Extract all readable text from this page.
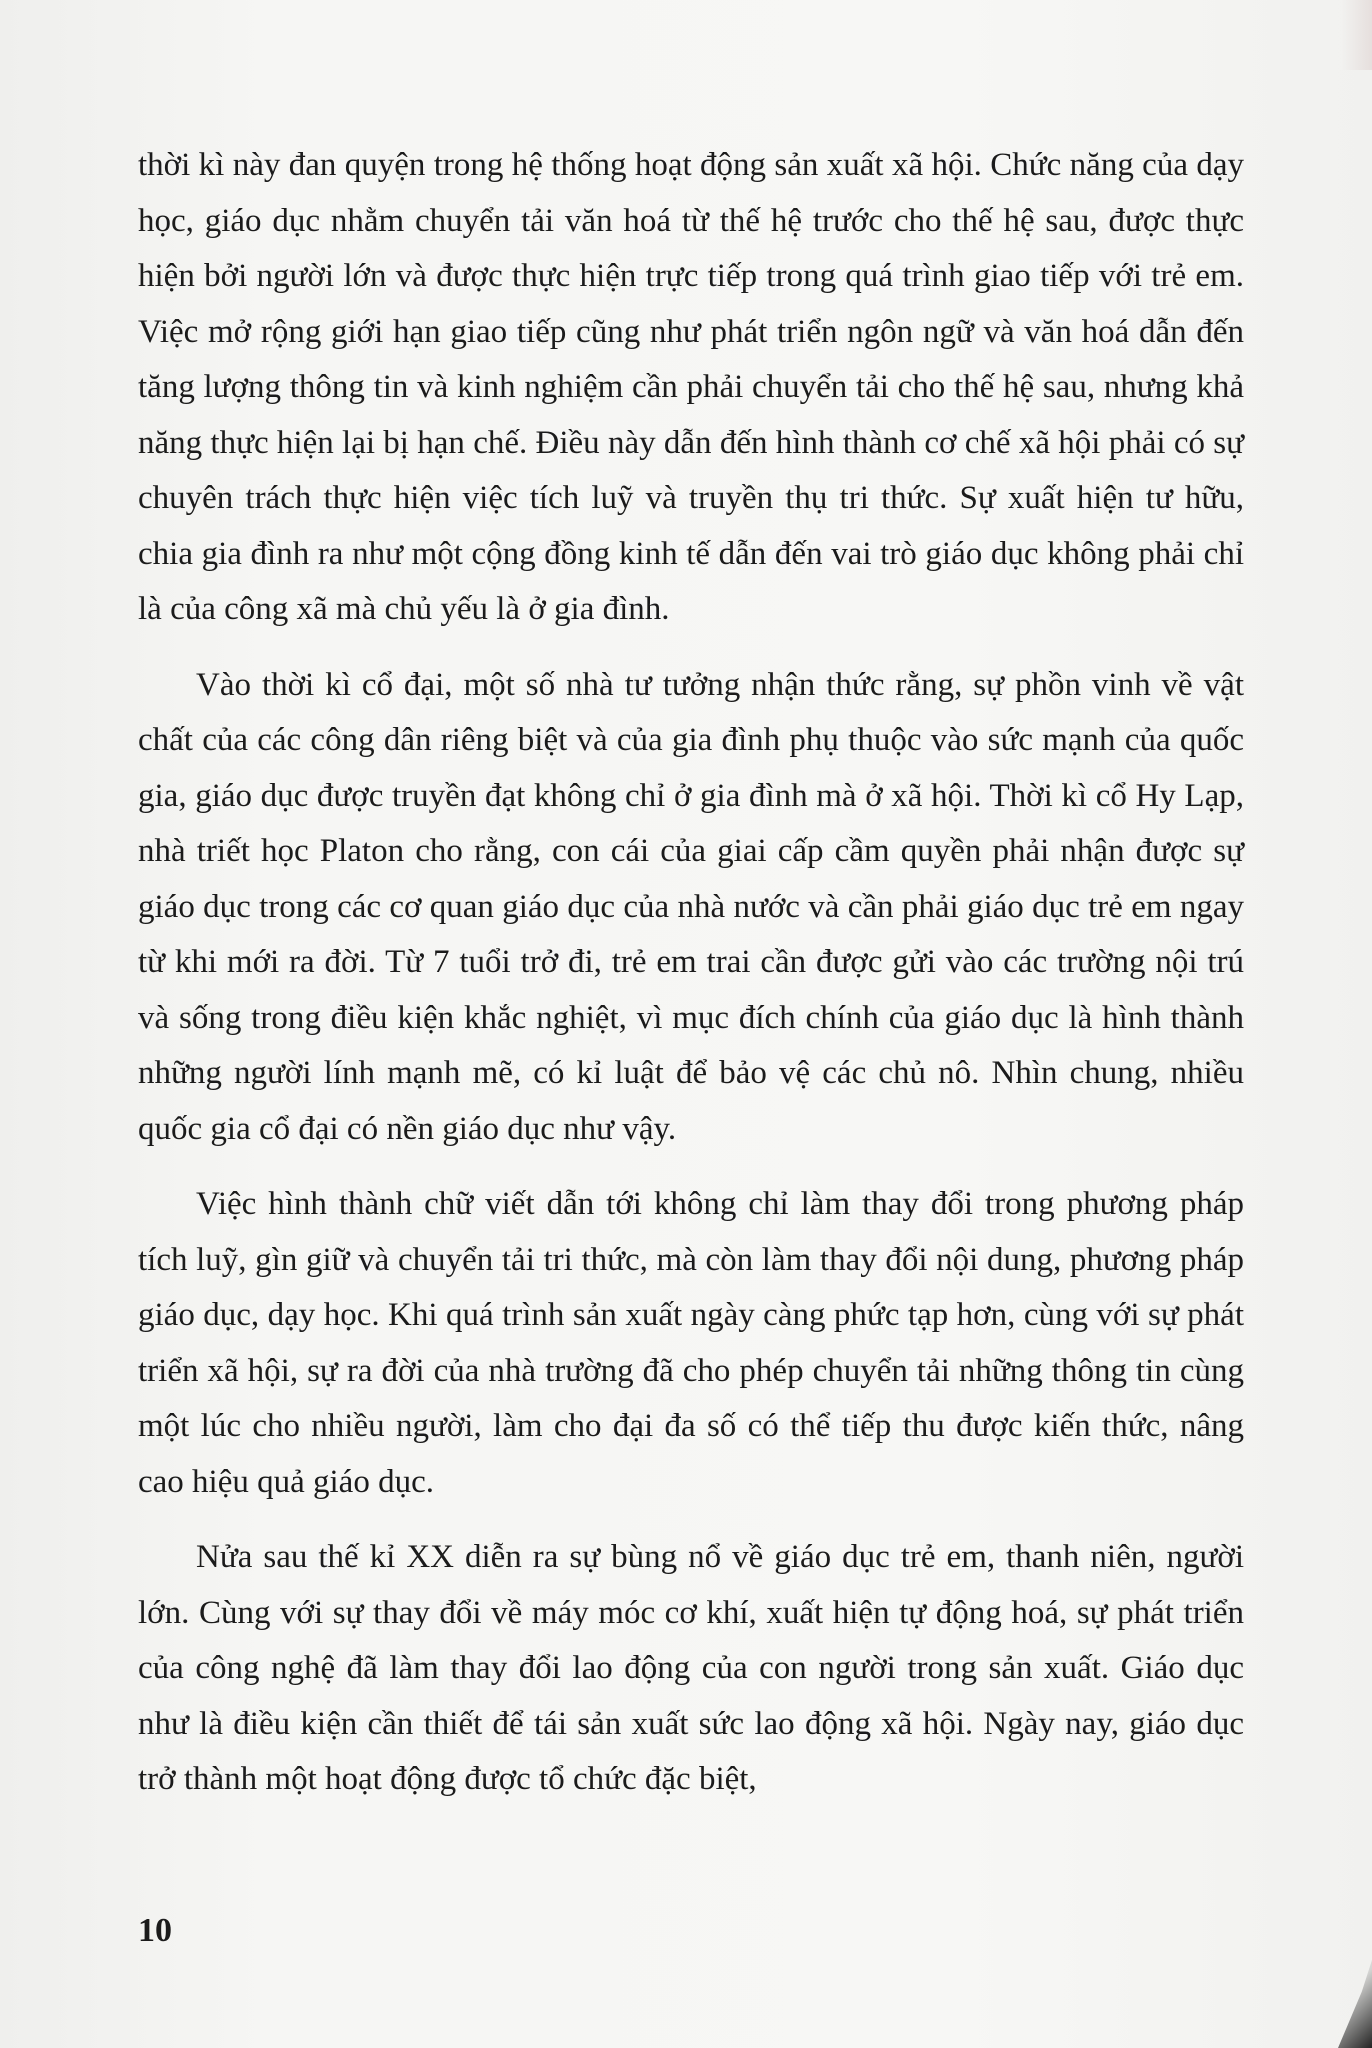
thời kì này đan quyện trong hệ thống hoạt động sản xuất xã hội. Chức năng của dạy học, giáo dục nhằm chuyển tải văn hoá từ thế hệ trước cho thế hệ sau, được thực hiện bởi người lớn và được thực hiện trực tiếp trong quá trình giao tiếp với trẻ em. Việc mở rộng giới hạn giao tiếp cũng như phát triển ngôn ngữ và văn hoá dẫn đến tăng lượng thông tin và kinh nghiệm cần phải chuyển tải cho thế hệ sau, nhưng khả năng thực hiện lại bị hạn chế. Điều này dẫn đến hình thành cơ chế xã hội phải có sự chuyên trách thực hiện việc tích luỹ và truyền thụ tri thức. Sự xuất hiện tư hữu, chia gia đình ra như một cộng đồng kinh tế dẫn đến vai trò giáo dục không phải chỉ là của công xã mà chủ yếu là ở gia đình.

Vào thời kì cổ đại, một số nhà tư tưởng nhận thức rằng, sự phồn vinh về vật chất của các công dân riêng biệt và của gia đình phụ thuộc vào sức mạnh của quốc gia, giáo dục được truyền đạt không chỉ ở gia đình mà ở xã hội. Thời kì cổ Hy Lạp, nhà triết học Platon cho rằng, con cái của giai cấp cầm quyền phải nhận được sự giáo dục trong các cơ quan giáo dục của nhà nước và cần phải giáo dục trẻ em ngay từ khi mới ra đời. Từ 7 tuổi trở đi, trẻ em trai cần được gửi vào các trường nội trú và sống trong điều kiện khắc nghiệt, vì mục đích chính của giáo dục là hình thành những người lính mạnh mẽ, có kỉ luật để bảo vệ các chủ nô. Nhìn chung, nhiều quốc gia cổ đại có nền giáo dục như vậy.

Việc hình thành chữ viết dẫn tới không chỉ làm thay đổi trong phương pháp tích luỹ, gìn giữ và chuyển tải tri thức, mà còn làm thay đổi nội dung, phương pháp giáo dục, dạy học. Khi quá trình sản xuất ngày càng phức tạp hơn, cùng với sự phát triển xã hội, sự ra đời của nhà trường đã cho phép chuyển tải những thông tin cùng một lúc cho nhiều người, làm cho đại đa số có thể tiếp thu được kiến thức, nâng cao hiệu quả giáo dục.

Nửa sau thế kỉ XX diễn ra sự bùng nổ về giáo dục trẻ em, thanh niên, người lớn. Cùng với sự thay đổi về máy móc cơ khí, xuất hiện tự động hoá, sự phát triển của công nghệ đã làm thay đổi lao động của con người trong sản xuất. Giáo dục như là điều kiện cần thiết để tái sản xuất sức lao động xã hội. Ngày nay, giáo dục trở thành một hoạt động được tổ chức đặc biệt,

10
